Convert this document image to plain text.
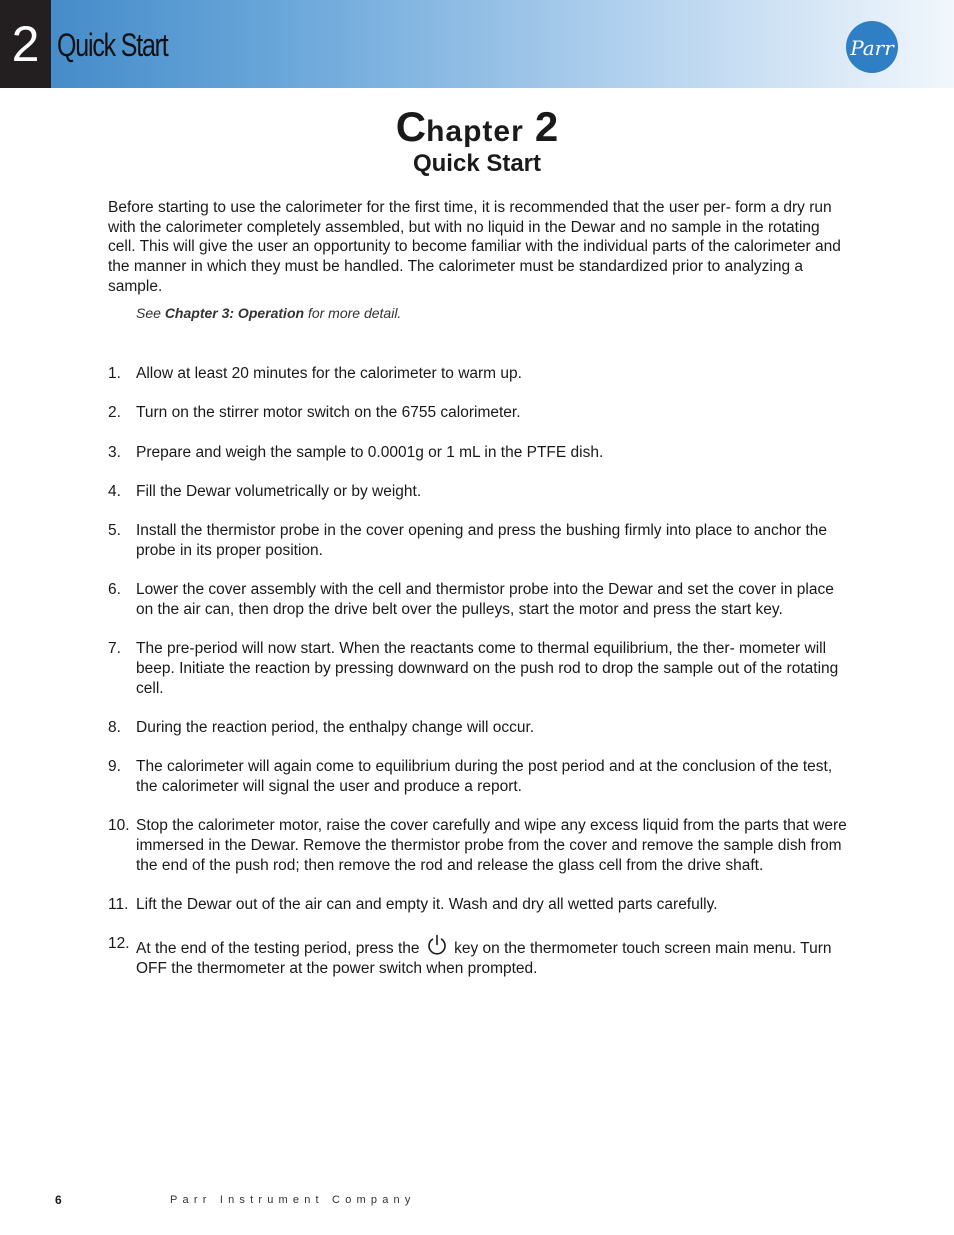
2 Quick Start	Parr
Chapter 2
Quick Start

Before starting to use the calorimeter for the first time, it is recommended that the user per- form a dry run with the calorimeter completely assembled, but with no liquid in the Dewar and no sample in the rotating cell. This will give the user an opportunity to become familiar with the individual parts of the calorimeter and the manner in which they must be handled. The calorimeter must be standardized prior to analyzing a sample.

See Chapter 3: Operation for more detail.
1. Allow at least 20 minutes for the calorimeter to warm up.
2. Turn on the stirrer motor switch on the 6755 calorimeter.
3. Prepare and weigh the sample to 0.0001g or 1 mL in the PTFE dish.
4. Fill the Dewar volumetrically or by weight.
5. Install the thermistor probe in the cover opening and press the bushing firmly into place to anchor the probe in its proper position.
6. Lower the cover assembly with the cell and thermistor probe into the Dewar and set the cover in place on the air can, then drop the drive belt over the pulleys, start the motor and press the start key.
7. The pre-period will now start. When the reactants come to thermal equilibrium, the ther- mometer will beep. Initiate the reaction by pressing downward on the push rod to drop the sample out of the rotating cell.
8. During the reaction period, the enthalpy change will occur.
9. The calorimeter will again come to equilibrium during the post period and at the conclusion of the test, the calorimeter will signal the user and produce a report.
10. Stop the calorimeter motor, raise the cover carefully and wipe any excess liquid from the parts that were immersed in the Dewar. Remove the thermistor probe from the cover and remove the sample dish from the end of the push rod; then remove the rod and release the glass cell from the drive shaft.
11. Lift the Dewar out of the air can and empty it. Wash and dry all wetted parts carefully.
12. At the end of the testing period, press the key on the thermometer touch screen main menu. Turn OFF the thermometer at the power switch when prompted.
6	Parr Instrument Company
